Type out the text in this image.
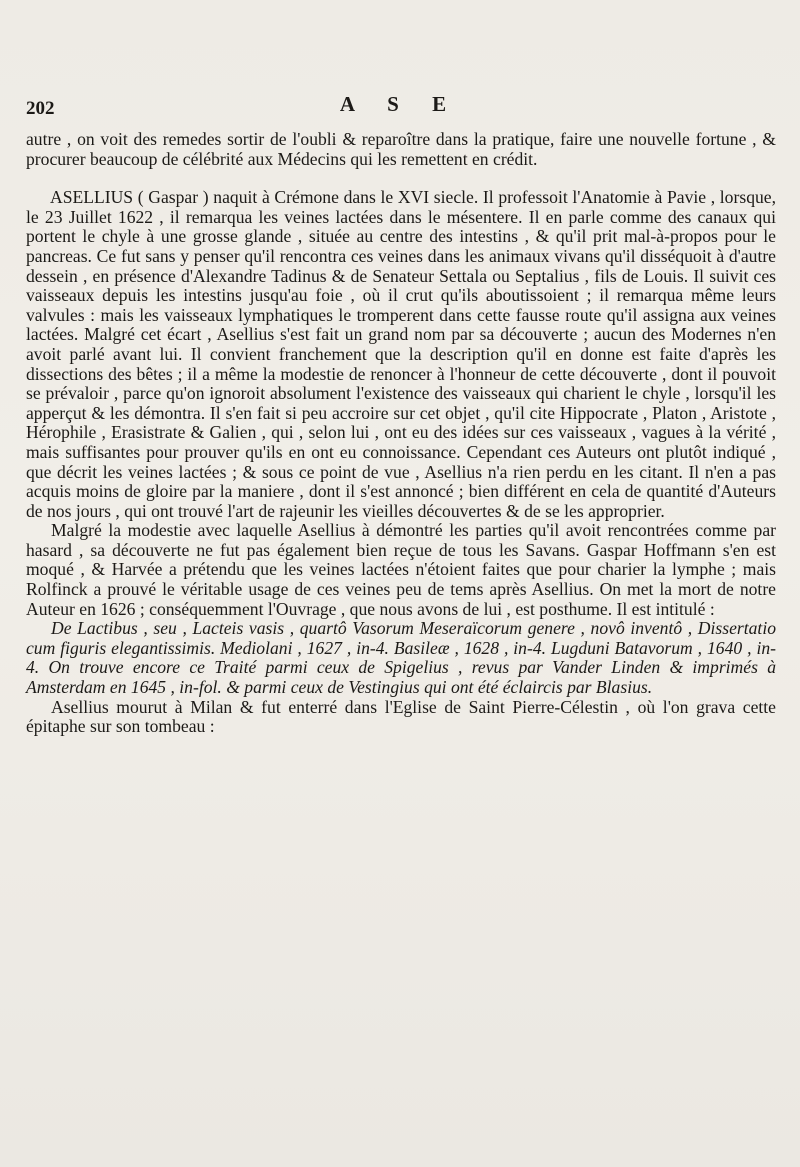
202	A S E

autre , on voit des remedes sortir de l'oubli & reparoître dans la pratique, faire une nouvelle fortune , & procurer beaucoup de célébrité aux Médecins qui les remettent en crédit.

ASELLIUS ( Gaspar ) naquit à Crémone dans le XVI siecle. Il professoit l'Anatomie à Pavie , lorsque, le 23 Juillet 1622 , il remarqua les veines lactées dans le mésentere. Il en parle comme des canaux qui portent le chyle à une grosse glande , située au centre des intestins , & qu'il prit mal-à-propos pour le pancreas. Ce fut sans y penser qu'il rencontra ces veines dans les animaux vivans qu'il disséquoit à d'autre dessein , en présence d'Alexandre Tadinus & de Senateur Settala ou Septalius , fils de Louis. Il suivit ces vaisseaux depuis les intestins jusqu'au foie , où il crut qu'ils aboutissoient ; il remarqua même leurs valvules : mais les vaisseaux lymphatiques le tromperent dans cette fausse route qu'il assigna aux veines lactées. Malgré cet écart , Asellius s'est fait un grand nom par sa découverte ; aucun des Modernes n'en avoit parlé avant lui. Il convient franchement que la description qu'il en donne est faite d'après les dissections des bêtes ; il a même la modestie de renoncer à l'honneur de cette découverte , dont il pouvoit se prévaloir , parce qu'on ignoroit absolument l'existence des vaisseaux qui charient le chyle , lorsqu'il les apperçut & les démontra. Il s'en fait si peu accroire sur cet objet , qu'il cite Hippocrate , Platon , Aristote , Hérophile , Erasistrate & Galien , qui , selon lui , ont eu des idées sur ces vaisseaux , vagues à la vérité , mais suffisantes pour prouver qu'ils en ont eu connoissance. Cependant ces Auteurs ont plutôt indiqué , que décrit les veines lactées ; & sous ce point de vue , Asellius n'a rien perdu en les citant. Il n'en a pas acquis moins de gloire par la maniere , dont il s'est annoncé ; bien différent en cela de quantité d'Auteurs de nos jours , qui ont trouvé l'art de rajeunir les vieilles découvertes & de se les approprier.

Malgré la modestie avec laquelle Asellius à démontré les parties qu'il avoit rencontrées comme par hasard , sa découverte ne fut pas également bien reçue de tous les Savans. Gaspar Hoffmann s'en est moqué , & Harvée a prétendu que les veines lactées n'étoient faites que pour charier la lymphe ; mais Rolfinck a prouvé le véritable usage de ces veines peu de tems après Asellius. On met la mort de notre Auteur en 1626 ; conséquemment l'Ouvrage , que nous avons de lui , est posthume. Il est intitulé :

De Lactibus , seu , Lacteis vasis , quartô Vasorum Meseraïcorum genere , novô inventô , Dissertatio cum figuris elegantissimis. Mediolani , 1627 , in-4. Basileæ , 1628 , in-4. Lugduni Batavorum , 1640 , in-4. On trouve encore ce Traité parmi ceux de Spigelius , revus par Vander Linden & imprimés à Amsterdam en 1645 , in-fol. & parmi ceux de Vestingius qui ont été éclaircis par Blasius.

Asellius mourut à Milan & fut enterré dans l'Eglise de Saint Pierre-Célestin , où l'on grava cette épitaphe sur son tombeau :
